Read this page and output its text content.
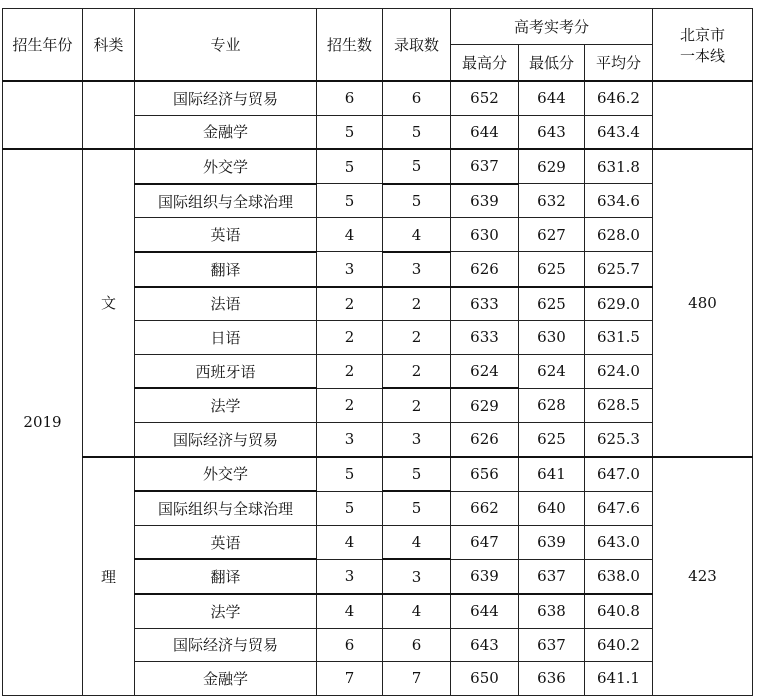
招生年份	科类	专业	招生数	录取数	高考实考分			北京市
一本线

					最高分	最低分	平均分	
		国际经济与贸易	6	6	652	644	646.2	
		金融学	5	5	644	643	643.4	
2019	文	外交学	5	5	637	629	631.8	480
		国际组织与全球治理	5	5	639	632	634.6	
		英语	4	4	630	627	628.0	
		翻译	3	3	626	625	625.7	
		法语	2	2	633	625	629.0	
		日语	2	2	633	630	631.5	
		西班牙语	2	2	624	624	624.0	
		法学	2	2	629	628	628.5	
		国际经济与贸易	3	3	626	625	625.3	
	理	外交学	5	5	656	641	647.0	423
		国际组织与全球治理	5	5	662	640	647.6	
		英语	4	4	647	639	643.0	
		翻译	3	3	639	637	638.0	
		法学	4	4	644	638	640.8	
		国际经济与贸易	6	6	643	637	640.2	
		金融学	7	7	650	636	641.1	
